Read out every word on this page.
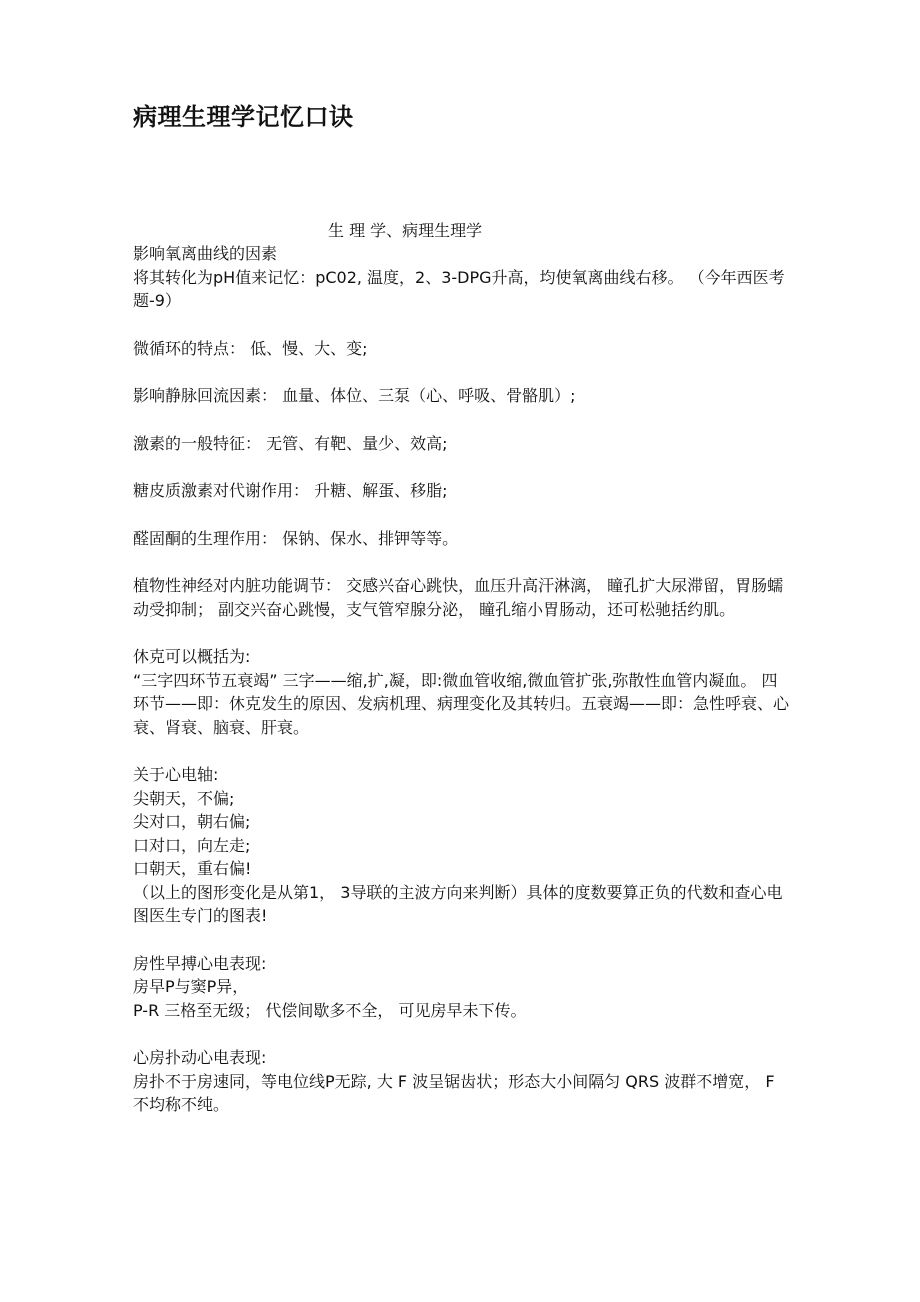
病理生理学记忆口诀
生 理 学、病理生理学
影响氧离曲线的因素
将其转化为pH值来记忆：pC02, 温度，2、3-DPG升高，均使氧离曲线右移。 （今年西医考题-9）
微循环的特点： 低、慢、大、变;
影响静脉回流因素： 血量、体位、三泵（心、呼吸、骨骼肌）;
激素的一般特征： 无管、有靶、量少、效高;
糖皮质激素对代谢作用： 升糖、解蛋、移脂;
醛固酮的生理作用： 保钠、保水、排钾等等。
植物性神经对内脏功能调节： 交感兴奋心跳快，血压升高汗淋漓， 瞳孔扩大尿滞留，胃肠蠕动受抑制； 副交兴奋心跳慢，支气管窄腺分泌， 瞳孔缩小胃肠动，还可松驰括约肌。
休克可以概括为:
“三字四环节五衰竭” 三字——缩,扩,凝，即:微血管收缩,微血管扩张,弥散性血管内凝血。 四环节——即：休克发生的原因、发病机理、病理变化及其转归。五衰竭——即：急性呼衰、心衰、肾衰、脑衰、肝衰。
关于心电轴:
尖朝天，不偏;
尖对口，朝右偏;
口对口，向左走;
口朝天，重右偏!
（以上的图形变化是从第1， 3导联的主波方向来判断）具体的度数要算正负的代数和查心电图医生专门的图表!
房性早搏心电表现:
房早P与窦P异，
P-R 三格至无级； 代偿间歇多不全， 可见房早未下传。
心房扑动心电表现:
房扑不于房速同，等电位线P无踪, 大 F 波呈锯齿状；形态大小间隔匀 QRS 波群不增宽， F 不均称不纯。
